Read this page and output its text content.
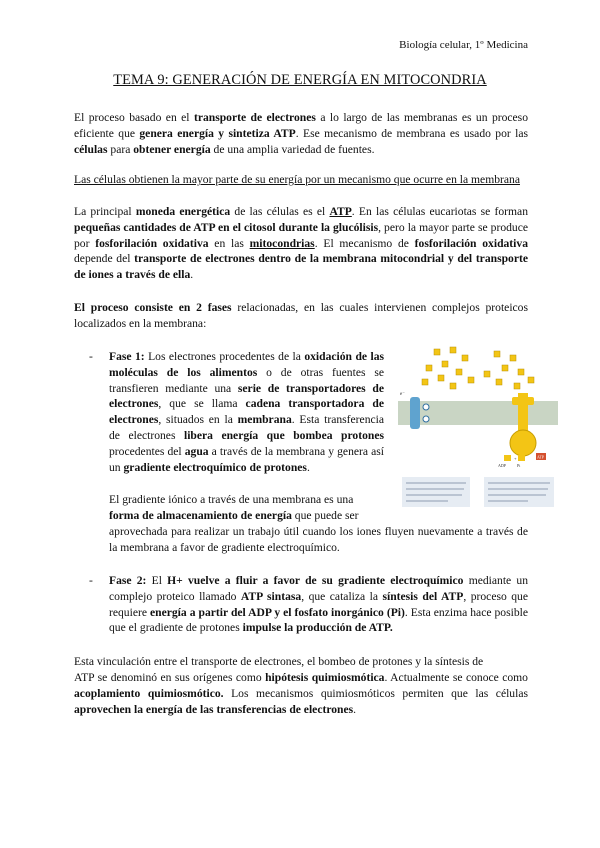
Biología celular, 1º Medicina
TEMA 9: GENERACIÓN DE ENERGÍA EN MITOCONDRIA
El proceso basado en el transporte de electrones a lo largo de las membranas es un proceso eficiente que genera energía y sintetiza ATP. Ese mecanismo de membrana es usado por las células para obtener energía de una amplia variedad de fuentes.
Las células obtienen la mayor parte de su energía por un mecanismo que ocurre en la membrana
La principal moneda energética de las células es el ATP. En las células eucariotas se forman pequeñas cantidades de ATP en el citosol durante la glucólisis, pero la mayor parte se produce por fosforilación oxidativa en las mitocondrias. El mecanismo de fosforilación oxidativa depende del transporte de electrones dentro de la membrana mitocondrial y del transporte de iones a través de ella.
El proceso consiste en 2 fases relacionadas, en las cuales intervienen complejos proteicos localizados en la membrana:
- Fase 1: Los electrones procedentes de la oxidación de las moléculas de los alimentos o de otras fuentes se transfieren mediante una serie de transportadores de electrones, que se llama cadena transportadora de electrones, situados en la membrana. Esta transferencia de electrones libera energía que bombea protones procedentes del agua a través de la membrana y genera así un gradiente electroquímico de protones.
El gradiente iónico a través de una membrana es una
forma de almacenamiento de energía que puede ser
aprovechada para realizar un trabajo útil cuando los iones fluyen nuevamente a través de la membrana a favor de gradiente electroquímico.
e⁻
+	ATP
ADP	Pi
- Fase 2: El H+ vuelve a fluir a favor de su gradiente electroquímico mediante un complejo proteico llamado ATP sintasa, que cataliza la síntesis del ATP, proceso que requiere energía a partir del ADP y el fosfato inorgánico (Pi). Esta enzima hace posible que el gradiente de protones impulse la producción de ATP.
Esta vinculación entre el transporte de electrones, el bombeo de protones y la síntesis de
ATP se denominó en sus orígenes como hipótesis quimiosmótica. Actualmente se conoce como acoplamiento quimiosmótico. Los mecanismos quimiosmóticos permiten que las células aprovechen la energía de las transferencias de electrones.
